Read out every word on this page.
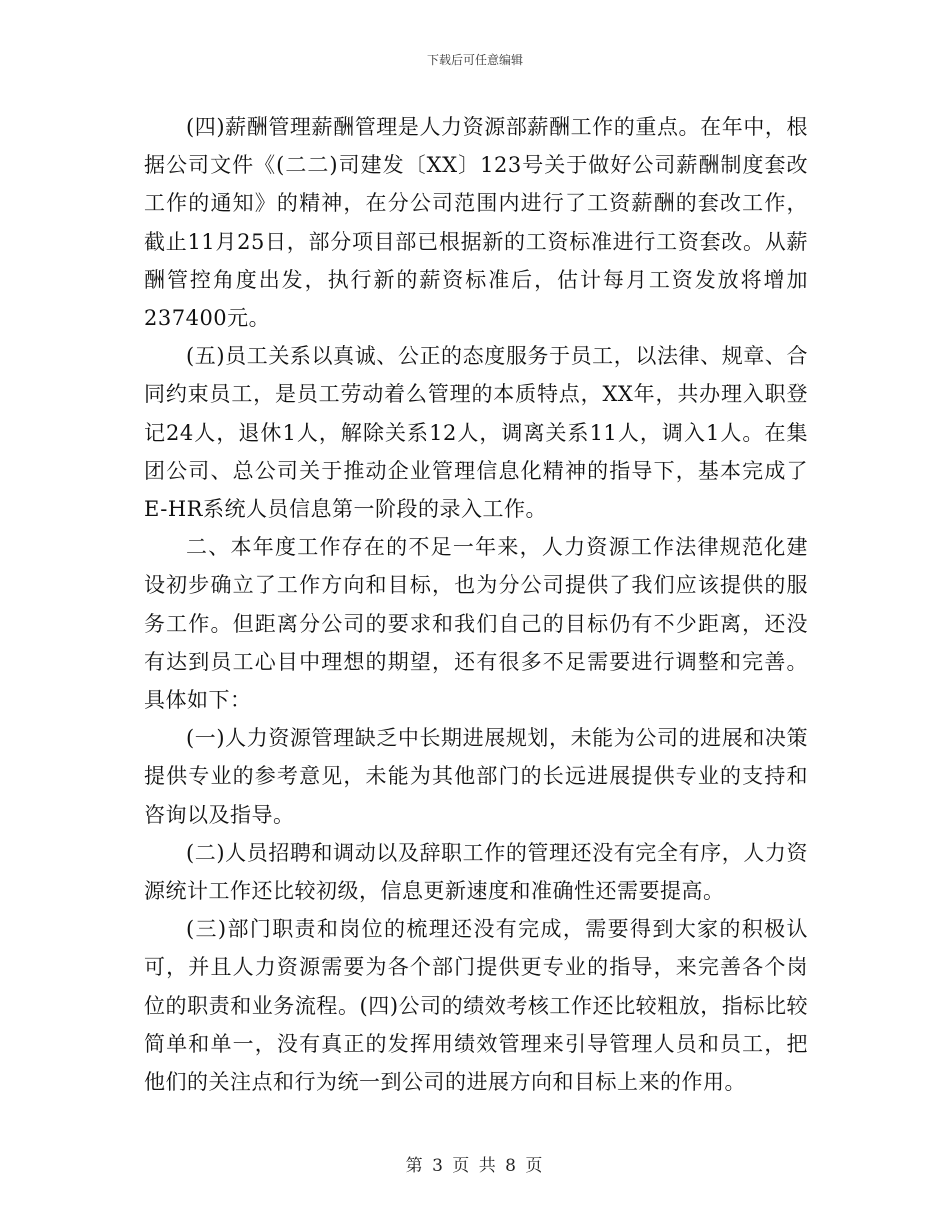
下载后可任意编辑

(四)薪酬管理薪酬管理是人力资源部薪酬工作的重点。在年中，根据公司文件《(二二)司建发〔XX〕123号关于做好公司薪酬制度套改工作的通知》的精神，在分公司范围内进行了工资薪酬的套改工作，截止11月25日，部分项目部已根据新的工资标准进行工资套改。从薪酬管控角度出发，执行新的薪资标准后，估计每月工资发放将增加237400元。

(五)员工关系以真诚、公正的态度服务于员工，以法律、规章、合同约束员工，是员工劳动着么管理的本质特点，XX年，共办理入职登记24人，退休1人，解除关系12人，调离关系11人，调入1人。在集团公司、总公司关于推动企业管理信息化精神的指导下，基本完成了E-HR系统人员信息第一阶段的录入工作。

二、本年度工作存在的不足一年来，人力资源工作法律规范化建设初步确立了工作方向和目标，也为分公司提供了我们应该提供的服务工作。但距离分公司的要求和我们自己的目标仍有不少距离，还没有达到员工心目中理想的期望，还有很多不足需要进行调整和完善。具体如下：

(一)人力资源管理缺乏中长期进展规划，未能为公司的进展和决策提供专业的参考意见，未能为其他部门的长远进展提供专业的支持和咨询以及指导。

(二)人员招聘和调动以及辞职工作的管理还没有完全有序，人力资源统计工作还比较初级，信息更新速度和准确性还需要提高。

(三)部门职责和岗位的梳理还没有完成，需要得到大家的积极认可，并且人力资源需要为各个部门提供更专业的指导，来完善各个岗位的职责和业务流程。(四)公司的绩效考核工作还比较粗放，指标比较简单和单一，没有真正的发挥用绩效管理来引导管理人员和员工，把他们的关注点和行为统一到公司的进展方向和目标上来的作用。

第 3 页 共 8 页
